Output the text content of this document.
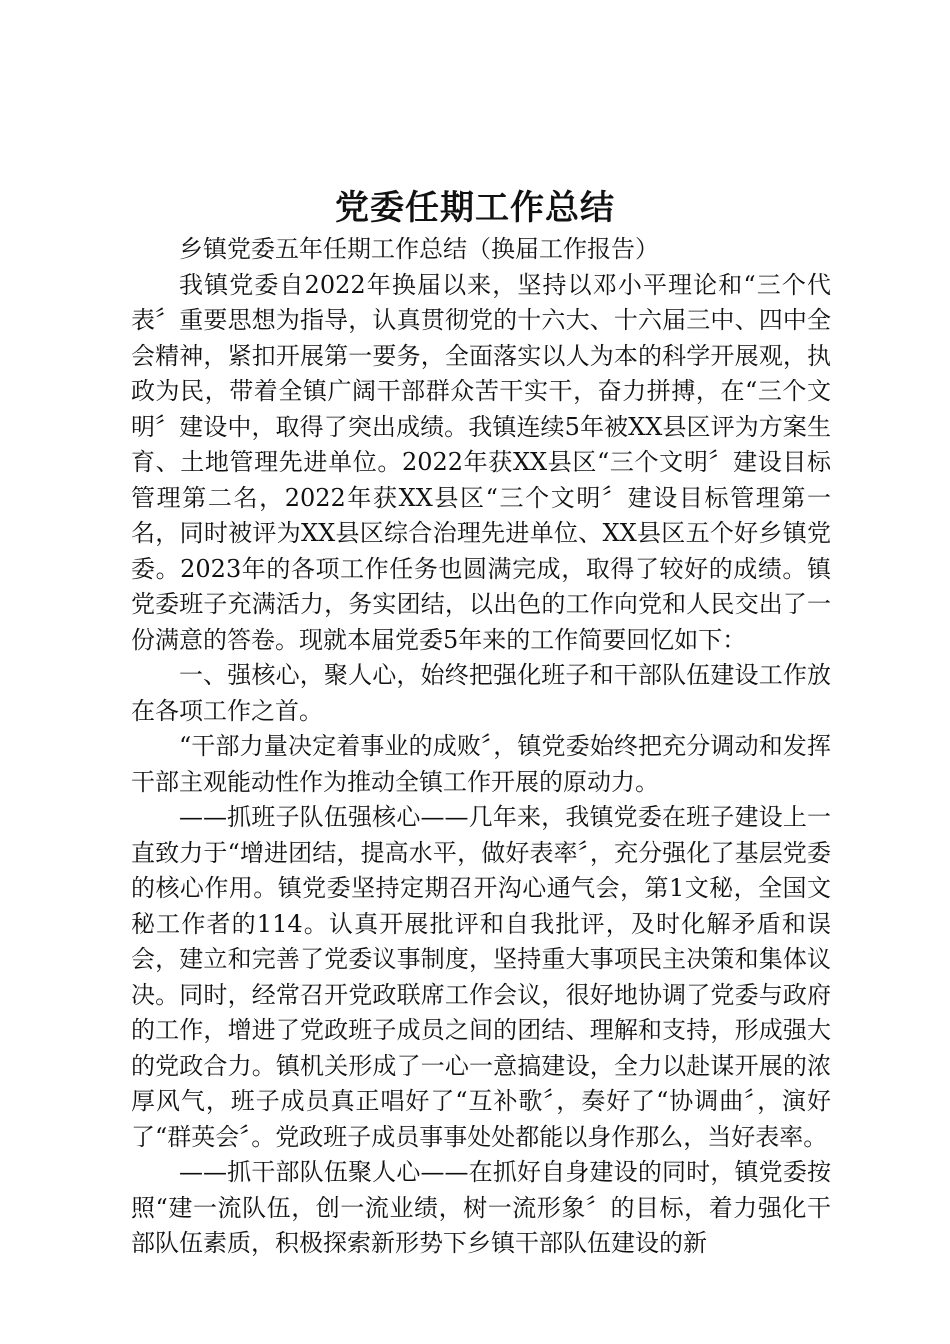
党委任期工作总结

乡镇党委五年任期工作总结（换届工作报告）

我镇党委自2022年换届以来，坚持以邓小平理论和“三个代表〞重要思想为指导，认真贯彻党的十六大、十六届三中、四中全会精神，紧扣开展第一要务，全面落实以人为本的科学开展观，执政为民，带着全镇广阔干部群众苦干实干，奋力拼搏，在“三个文明〞建设中，取得了突出成绩。我镇连续5年被XX县区评为方案生育、土地管理先进单位。2022年获XX县区“三个文明〞建设目标管理第二名，2022年获XX县区“三个文明〞建设目标管理第一名，同时被评为XX县区综合治理先进单位、XX县区五个好乡镇党委。2023年的各项工作任务也圆满完成，取得了较好的成绩。镇党委班子充满活力，务实团结，以出色的工作向党和人民交出了一份满意的答卷。现就本届党委5年来的工作简要回忆如下：

一、强核心，聚人心，始终把强化班子和干部队伍建设工作放在各项工作之首。

“干部力量决定着事业的成败〞，镇党委始终把充分调动和发挥干部主观能动性作为推动全镇工作开展的原动力。

——抓班子队伍强核心——几年来，我镇党委在班子建设上一直致力于“增进团结，提高水平，做好表率〞，充分强化了基层党委的核心作用。镇党委坚持定期召开沟心通气会，第1文秘，全国文秘工作者的114。认真开展批评和自我批评，及时化解矛盾和误会，建立和完善了党委议事制度，坚持重大事项民主决策和集体议决。同时，经常召开党政联席工作会议，很好地协调了党委与政府的工作，增进了党政班子成员之间的团结、理解和支持，形成强大的党政合力。镇机关形成了一心一意搞建设，全力以赴谋开展的浓厚风气，班子成员真正唱好了“互补歌〞，奏好了“协调曲〞，演好了“群英会〞。党政班子成员事事处处都能以身作那么，当好表率。

——抓干部队伍聚人心——在抓好自身建设的同时，镇党委按照“建一流队伍，创一流业绩，树一流形象〞的目标，着力强化干部队伍素质，积极探索新形势下乡镇干部队伍建设的新
